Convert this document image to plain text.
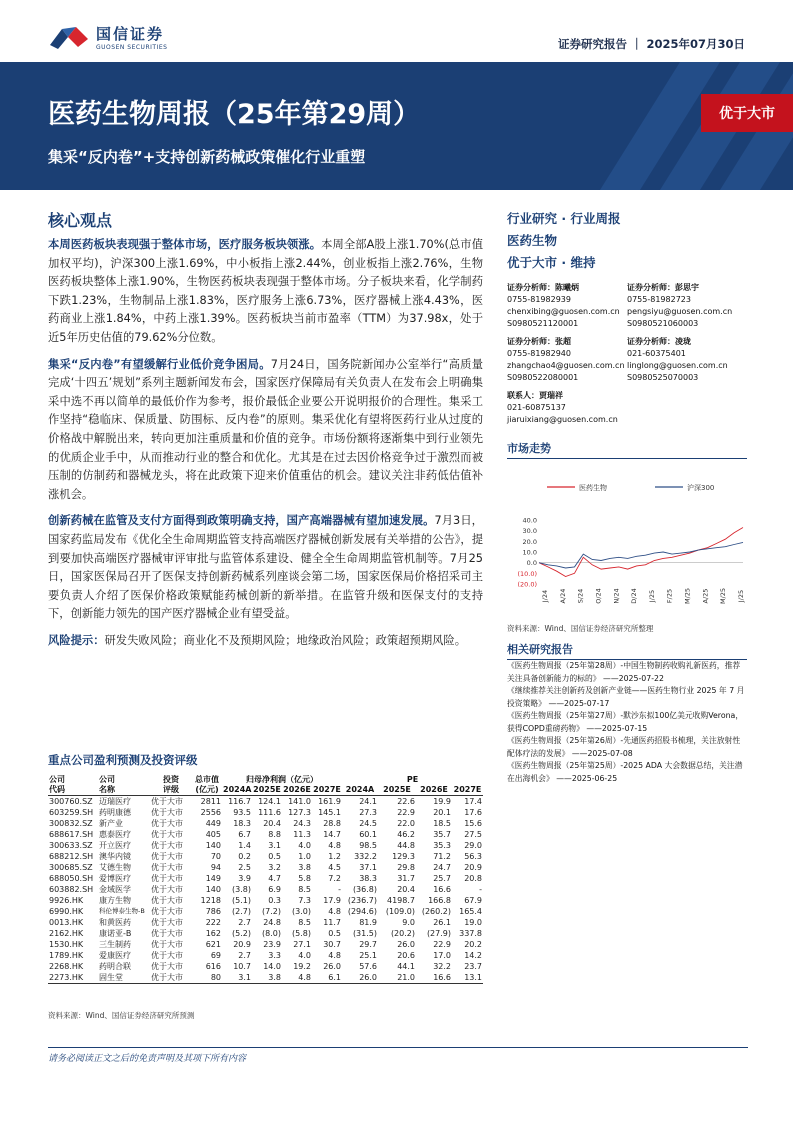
国信证券
GUOSEN SECURITIES	证券研究报告 ｜ 2025年07月30日
医药生物周报（25年第29周）
集采“反内卷”+支持创新药械政策催化行业重塑
优于大市
核心观点

本周医药板块表现强于整体市场，医疗服务板块领涨。本周全部A股上涨1.70%(总市值加权平均)，沪深300上涨1.69%，中小板指上涨2.44%，创业板指上涨2.76%，生物医药板块整体上涨1.90%，生物医药板块表现强于整体市场。分子板块来看，化学制药下跌1.23%，生物制品上涨1.83%，医疗服务上涨6.73%，医疗器械上涨4.43%，医药商业上涨1.84%，中药上涨1.39%。医药板块当前市盈率（TTM）为37.98x，处于近5年历史估值的79.62%分位数。

集采“反内卷”有望缓解行业低价竞争困局。7月24日，国务院新闻办公室举行“高质量完成‘十四五’规划”系列主题新闻发布会，国家医疗保障局有关负责人在发布会上明确集采中选不再以简单的最低价作为参考，报价最低企业要公开说明报价的合理性。集采工作坚持“稳临床、保质量、防围标、反内卷”的原则。集采优化有望将医药行业从过度的价格战中解脱出来，转向更加注重质量和价值的竞争。市场份额将逐渐集中到行业领先的优质企业手中，从而推动行业的整合和优化。尤其是在过去因价格竞争过于激烈而被压制的仿制药和器械龙头，将在此政策下迎来价值重估的机会。建议关注非药低估值补涨机会。

创新药械在监管及支付方面得到政策明确支持，国产高端器械有望加速发展。7月3日，国家药监局发布《优化全生命周期监管支持高端医疗器械创新发展有关举措的公告》，提到要加快高端医疗器械审评审批与监管体系建设、健全全生命周期监管机制等。7月25日，国家医保局召开了医保支持创新药械系列座谈会第二场，国家医保局价格招采司主要负责人介绍了医保价格政策赋能药械创新的新举措。在监管升级和医保支付的支持下，创新能力领先的国产医疗器械企业有望受益。

风险提示：研发失败风险；商业化不及预期风险；地缘政治风险；政策超预期风险。

重点公司盈利预测及投资评级
公司	公司	投资	总市值	归母净利润（亿元）				PE			
代码	名称	评级	(亿元)	2024A	2025E	2026E	2027E	2024A	2025E	2026E	2027E
300760.SZ	迈瑞医疗	优于大市	2811	116.7	124.1	141.0	161.9	24.1	22.6	19.9	17.4
603259.SH	药明康德	优于大市	2556	93.5	111.6	127.3	145.1	27.3	22.9	20.1	17.6
300832.SZ	新产业	优于大市	449	18.3	20.4	24.3	28.8	24.5	22.0	18.5	15.6
688617.SH	惠泰医疗	优于大市	405	6.7	8.8	11.3	14.7	60.1	46.2	35.7	27.5
300633.SZ	开立医疗	优于大市	140	1.4	3.1	4.0	4.8	98.5	44.8	35.3	29.0
688212.SH	澳华内镜	优于大市	70	0.2	0.5	1.0	1.2	332.2	129.3	71.2	56.3
300685.SZ	艾德生物	优于大市	94	2.5	3.2	3.8	4.5	37.1	29.8	24.7	20.9
688050.SH	爱博医疗	优于大市	149	3.9	4.7	5.8	7.2	38.3	31.7	25.7	20.8
603882.SH	金域医学	优于大市	140	(3.8)	6.9	8.5	-	(36.8)	20.4	16.6	-
9926.HK	康方生物	优于大市	1218	(5.1)	0.3	7.3	17.9	(236.7)	4198.7	166.8	67.9
6990.HK	科伦博泰生物-B	优于大市	786	(2.7)	(7.2)	(3.0)	4.8	(294.6)	(109.0)	(260.2)	165.4
0013.HK	和黄医药	优于大市	222	2.7	24.8	8.5	11.7	81.9	9.0	26.1	19.0
2162.HK	康诺亚-B	优于大市	162	(5.2)	(8.0)	(5.8)	0.5	(31.5)	(20.2)	(27.9)	337.8
1530.HK	三生制药	优于大市	621	20.9	23.9	27.1	30.7	29.7	26.0	22.9	20.2
1789.HK	爱康医疗	优于大市	69	2.7	3.3	4.0	4.8	25.1	20.6	17.0	14.2
2268.HK	药明合联	优于大市	616	10.7	14.0	19.2	26.0	57.6	44.1	32.2	23.7
2273.HK	固生堂	优于大市	80	3.1	3.8	4.8	6.1	26.0	21.0	16.6	13.1
资料来源：Wind、国信证券经济研究所预测
行业研究 · 行业周报
医药生物
优于大市 · 维持
证券分析师：陈曦炳
0755-81982939
chenxibing@guosen.com.cn
S0980521120001
证券分析师：彭思宇
0755-81982723
pengsiyu@guosen.com.cn
S0980521060003
证券分析师：张超
0755-81982940
zhangchao4@guosen.com.cn
S0980522080001
证券分析师：凌珑
021-60375401
linglong@guosen.com.cn
S0980525070003
联系人：贾瑞祥
021-60875137
jiaruixiang@guosen.com.cn
市场走势
医药生物	沪深300
40.0
30.0
20.0
10.0
0.0
(10.0)
(20.0)
J/24 A/24 S/24 O/24 N/24 D/24 J/25 F/25 M/25 A/25 M/25 J/25
资料来源：Wind、国信证券经济研究所整理
相关研究报告
《医药生物周报（25年第28周）-中国生物制药收购礼新医药，推荐关注具备创新能力的标的》 ——2025-07-22
《继续推荐关注创新药及创新产业链——医药生物行业 2025 年 7 月投资策略》 ——2025-07-17
《医药生物周报（25年第27周）-默沙东拟100亿美元收购Verona，获得COPD重磅药物》 ——2025-07-15
《医药生物周报（25年第26周）-先通医药招股书梳理，关注放射性配体疗法的发展》 ——2025-07-08
《医药生物周报（25年第25周）-2025 ADA 大会数据总结，关注潜在出海机会》 ——2025-06-25
请务必阅读正文之后的免责声明及其项下所有内容
